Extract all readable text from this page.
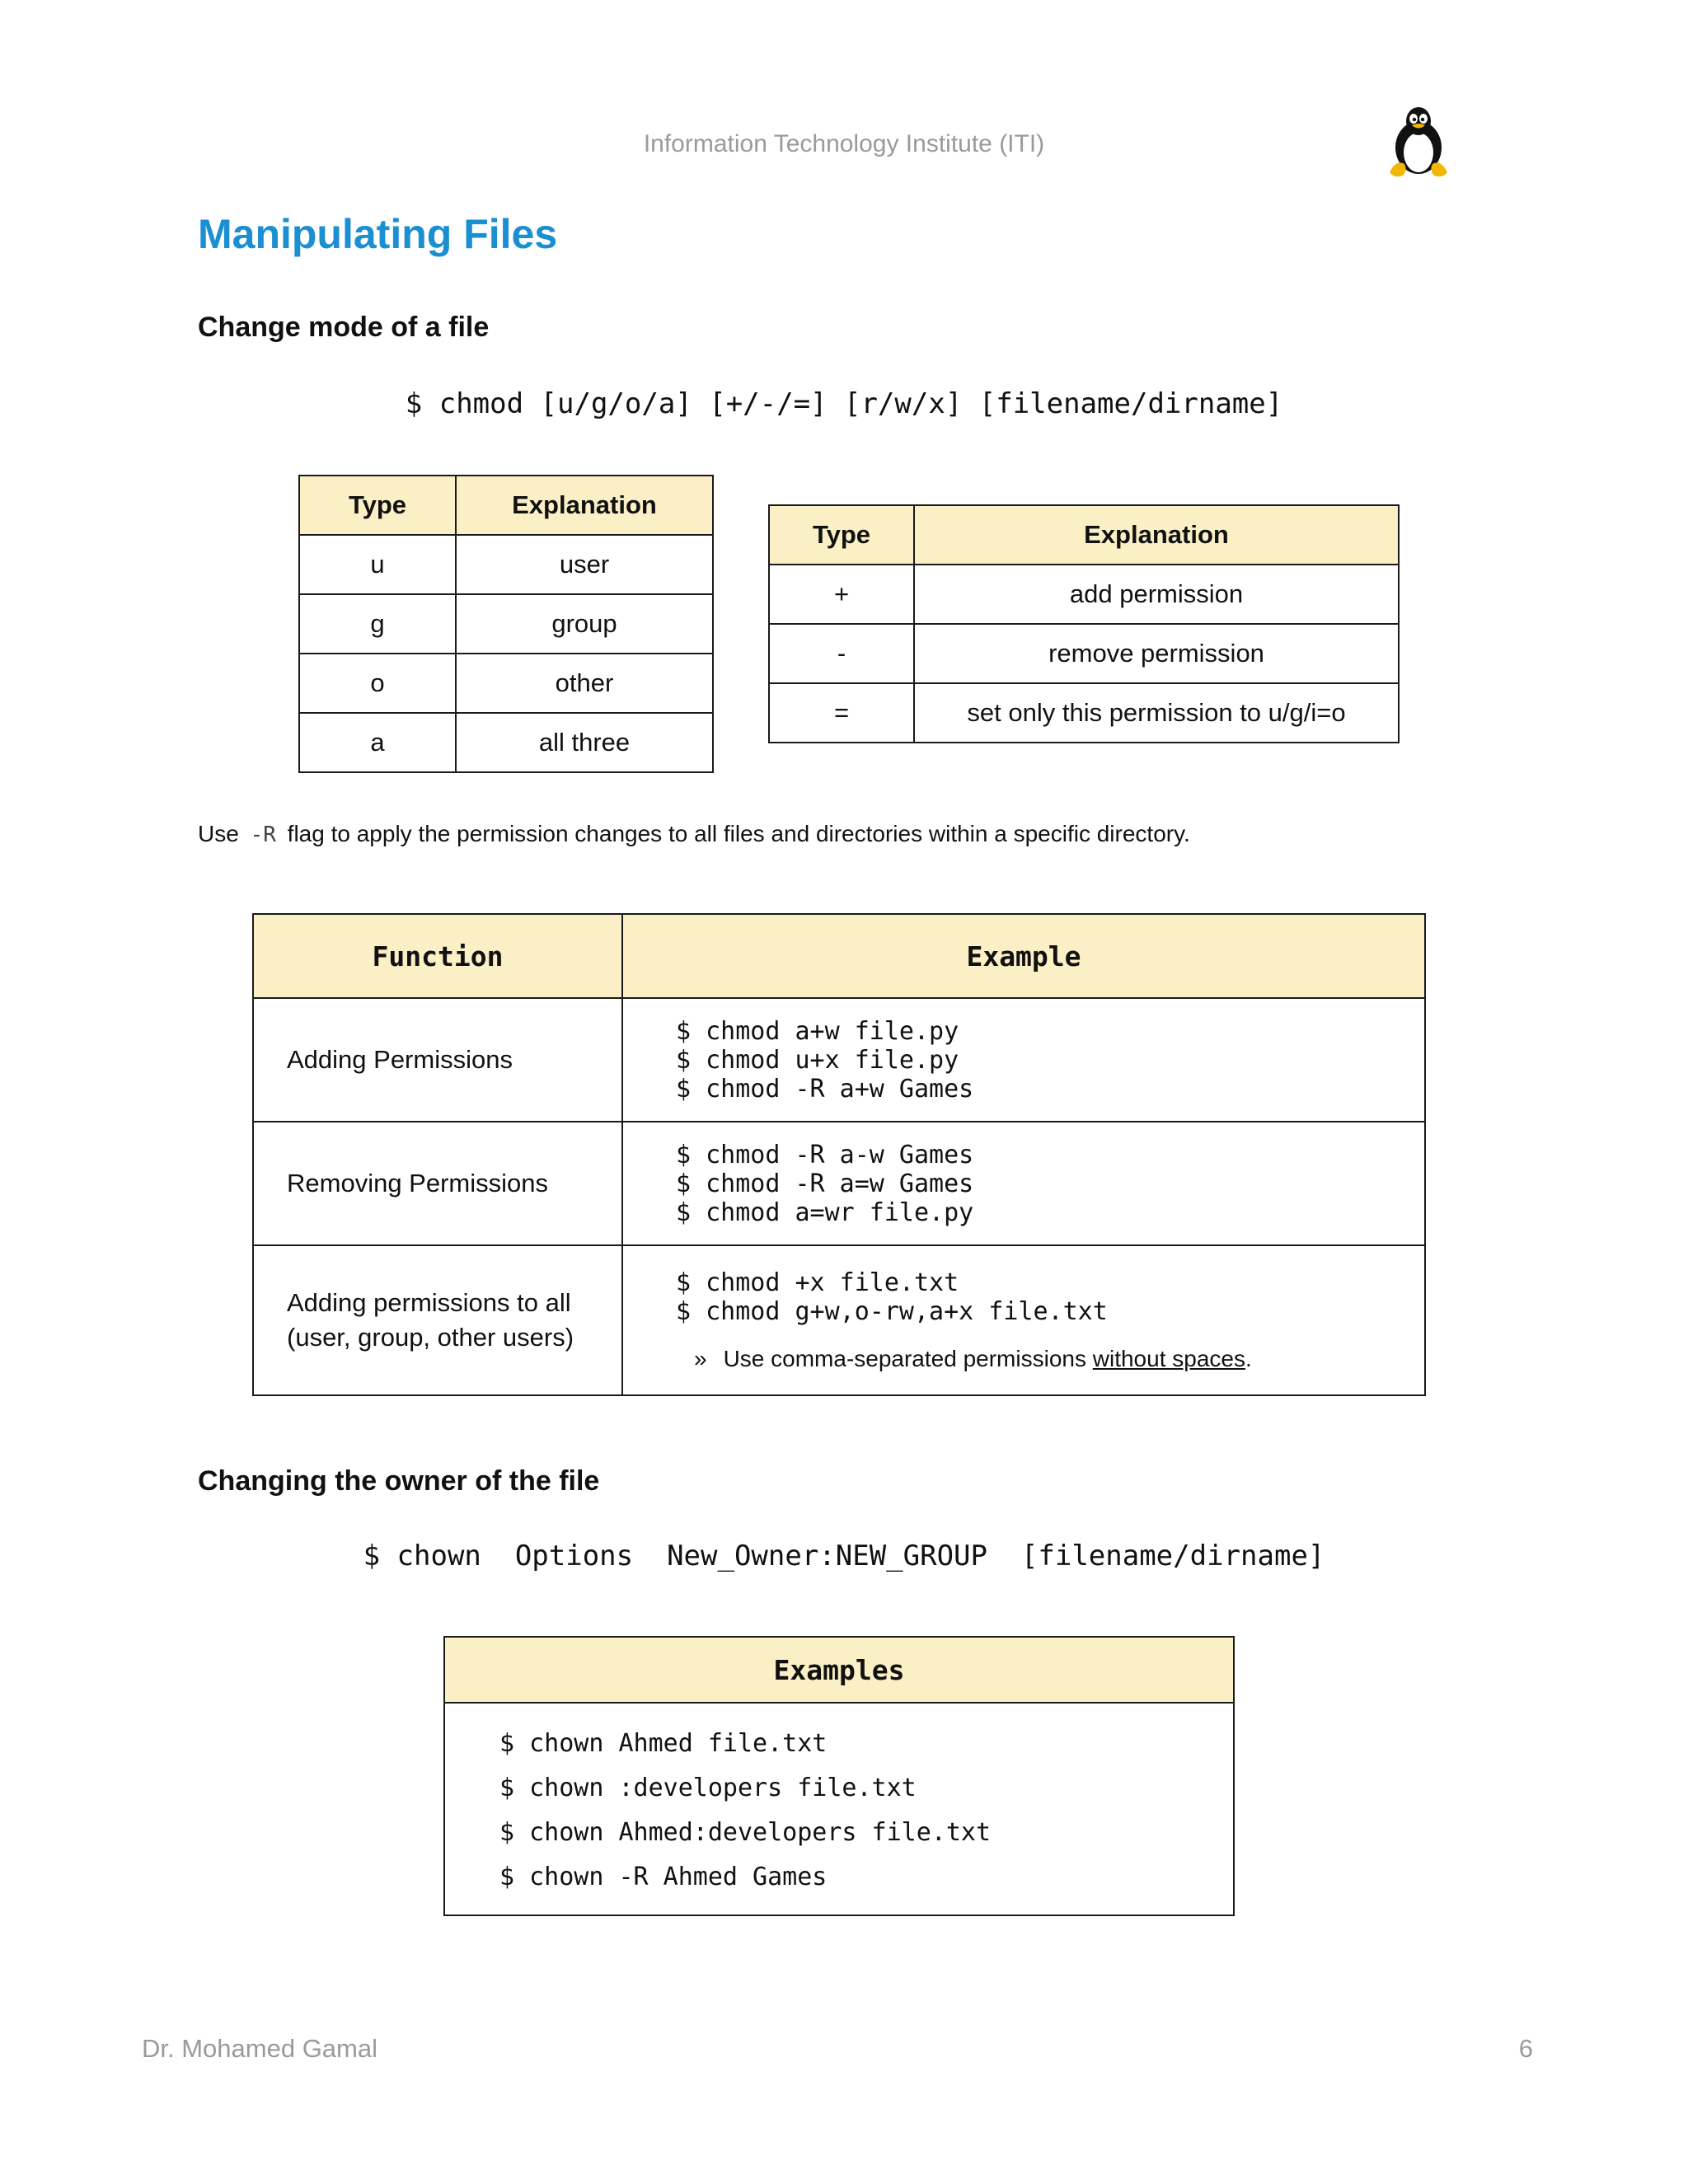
Information Technology Institute (ITI)

Manipulating Files
Change mode of a file

$ chmod [u/g/o/a] [+/-/=] [r/w/x] [filename/dirname]

Type	Explanation
u	user
g	group
o	other
a	all three
Type	Explanation
+	add permission
-	remove permission
=	set only this permission to u/g/i=o

Use -R flag to apply the permission changes to all files and directories within a specific directory.

Function	Example
Adding Permissions	$ chmod a+w file.py
$ chmod u+x file.py
$ chmod -R a+w Games

Removing Permissions	$ chmod -R a-w Games
$ chmod -R a=w Games
$ chmod a=wr file.py

Adding permissions to all (user, group, other users)	$ chmod +x file.txt
$ chmod g+w,o-rw,a+x file.txt
» Use comma-separated permissions without spaces.
Changing the owner of the file

$ chown  Options  New_Owner:NEW_GROUP  [filename/dirname]

Examples

$ chown Ahmed file.txt
$ chown :developers file.txt
$ chown Ahmed:developers file.txt
$ chown -R Ahmed Games

Dr. Mohamed Gamal	6
